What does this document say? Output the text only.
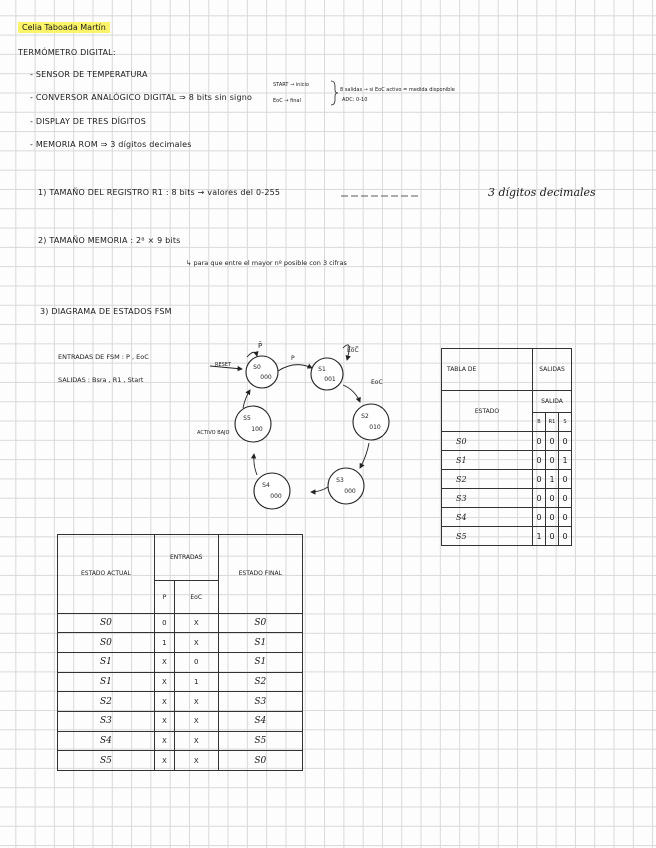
Celia Taboada Martín
TERMÓMETRO DIGITAL:
- SENSOR DE TEMPERATURA
- CONVERSOR ANALÓGICO DIGITAL ⇒ 8 bits sin signo
- DISPLAY DE TRES DÍGITOS
- MEMORIA ROM ⇒ 3 dígitos decimales
START → inicio
EoC → final
8 salidas → si EoC activo = medida disponible
ADC: 0-10
1) TAMAÑO DEL REGISTRO R1 : 8 bits → valores del 0-255	3 dígitos decimales
2) TAMAÑO MEMORIA : 2⁸ × 9 bits
↳ para que entre el mayor nº posible con 3 cifras
3) DIAGRAMA DE ESTADOS FSM
ENTRADAS DE FSM : P , EoC
SALIDAS : Bsra , R1 , Start
S0
000
S1
001
S2
010
S3
000
S4
000
S5
100
RESET
ACTIVO BAJO
P̄
E̅o̅C̅
P
EoC
TABLA DE	SALIDAS		
ESTADO	SALIDA		
	B	R1	S
S0	0	0	0
S1	0	0	1
S2	0	1	0
S3	0	0	0
S4	0	0	0
S5	1	0	0
ESTADO ACTUAL	ENTRADAS		ESTADO FINAL
	P	EoC	
S0	0	X	S0
S0	1	X	S1
S1	X	0	S1
S1	X	1	S2
S2	X	X	S3
S3	X	X	S4
S4	X	X	S5
S5	X	X	S0
